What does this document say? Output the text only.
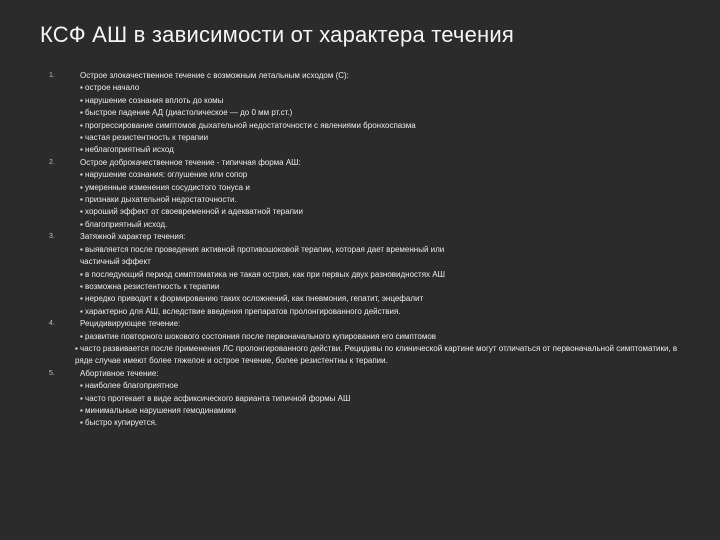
КСФ АШ в зависимости от характера течения
1.	Острое злокачественное течение с возможным летальным исходом (С):
▪ острое начало
▪ нарушение сознания вплоть до комы
▪ быстрое падение АД (диастолическое — до 0 мм рт.ст.)
▪ прогрессирование симптомов дыхательной недостаточности с явлениями бронхоспазма
▪ частая резистентность к терапии
▪ неблагоприятный исход
2.	Острое доброкачественное течение - типичная форма АШ:
▪ нарушение сознания: оглушение или сопор
▪ умеренные изменения сосудистого тонуса и
▪ признаки дыхательной недостаточности.
▪ хороший эффект от своевременной и адекватной терапии
▪ благоприятный исход.
3.	Затяжной характер течения:
▪ выявляется после проведения активной противошоковой терапии, которая дает временный или частичный эффект
▪ в последующий период симптоматика не такая острая, как при первых двух разновидностях АШ
▪ возможна резистентность к терапии
▪ нередко приводит к формированию таких осложнений, как пневмония, гепатит, энцефалит
▪ характерно для АШ, вследствие введения препаратов пролонгированного действия.
4.	Рецидивирующее течение:
▪ развитие повторного шокового состояния после первоначального купирования его симптомов
▪ часто развивается после применения ЛС пролонгированного действи. Рецидивы по клинической картине могут отличаться от первоначальной симптоматики, в ряде случае имеют более тяжелое и острое течение, более резистентны к терапии.
5.	Абортивное течение:
▪ наиболее благоприятное
▪ часто протекает в виде асфиксического варианта типичной формы АШ
▪ минимальные нарушения гемодинамики
▪ быстро купируется.
